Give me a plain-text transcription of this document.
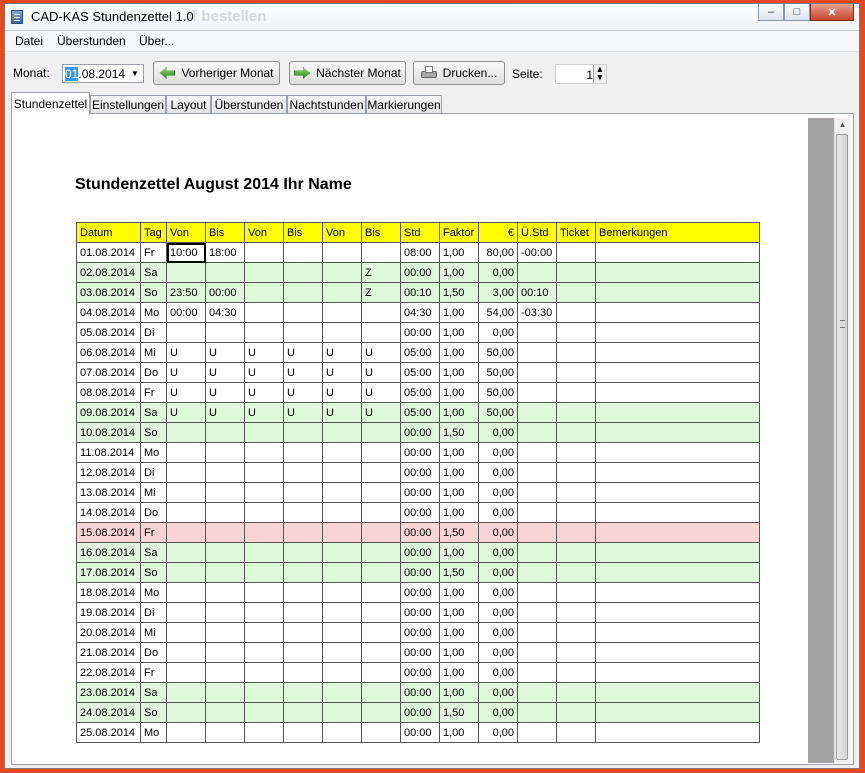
CAD-KAS Stundenzettel 1.0
…lf bestellen	–	□	✕
Datei Überstunden Über...
Monat: 01.08.2014 ▼	Vorheriger Monat	Nächster Monat	Drucken... Seite:	1 ▲
▼
Stundenzettel Einstellungen Layout Überstunden Nachtstunden Markierungen
Stundenzettel August 2014 Ihr Name
Datum	Tag	Von	Bis	Von	Bis	Von	Bis	Std	Faktor	€	Ü.Std	Ticket	Bemerkungen
01.08.2014	Fr	10:00	18:00					08:00	1,00	80,00	-00:00		
02.08.2014	Sa						Z	00:00	1,00	0,00			
03.08.2014	So	23:50	00:00				Z	00:10	1,50	3,00	00:10		
04.08.2014	Mo	00:00	04:30					04:30	1,00	54,00	-03:30		
05.08.2014	Di							00:00	1,00	0,00			
06.08.2014	Mi	U	U	U	U	U	U	05:00	1,00	50,00			
07.08.2014	Do	U	U	U	U	U	U	05:00	1,00	50,00			
08.08.2014	Fr	U	U	U	U	U	U	05:00	1,00	50,00			
09.08.2014	Sa	U	U	U	U	U	U	05:00	1,00	50,00			
10.08.2014	So							00:00	1,50	0,00			
11.08.2014	Mo							00:00	1,00	0,00			
12.08.2014	Di							00:00	1,00	0,00			
13.08.2014	Mi							00:00	1,00	0,00			
14.08.2014	Do							00:00	1,00	0,00			
15.08.2014	Fr							00:00	1,50	0,00			
16.08.2014	Sa							00:00	1,00	0,00			
17.08.2014	So							00:00	1,50	0,00			
18.08.2014	Mo							00:00	1,00	0,00			
19.08.2014	Di							00:00	1,00	0,00			
20.08.2014	Mi							00:00	1,00	0,00			
21.08.2014	Do							00:00	1,00	0,00			
22.08.2014	Fr							00:00	1,00	0,00			
23.08.2014	Sa							00:00	1,00	0,00			
24.08.2014	So							00:00	1,50	0,00			
25.08.2014	Mo							00:00	1,00	0,00			
▲
